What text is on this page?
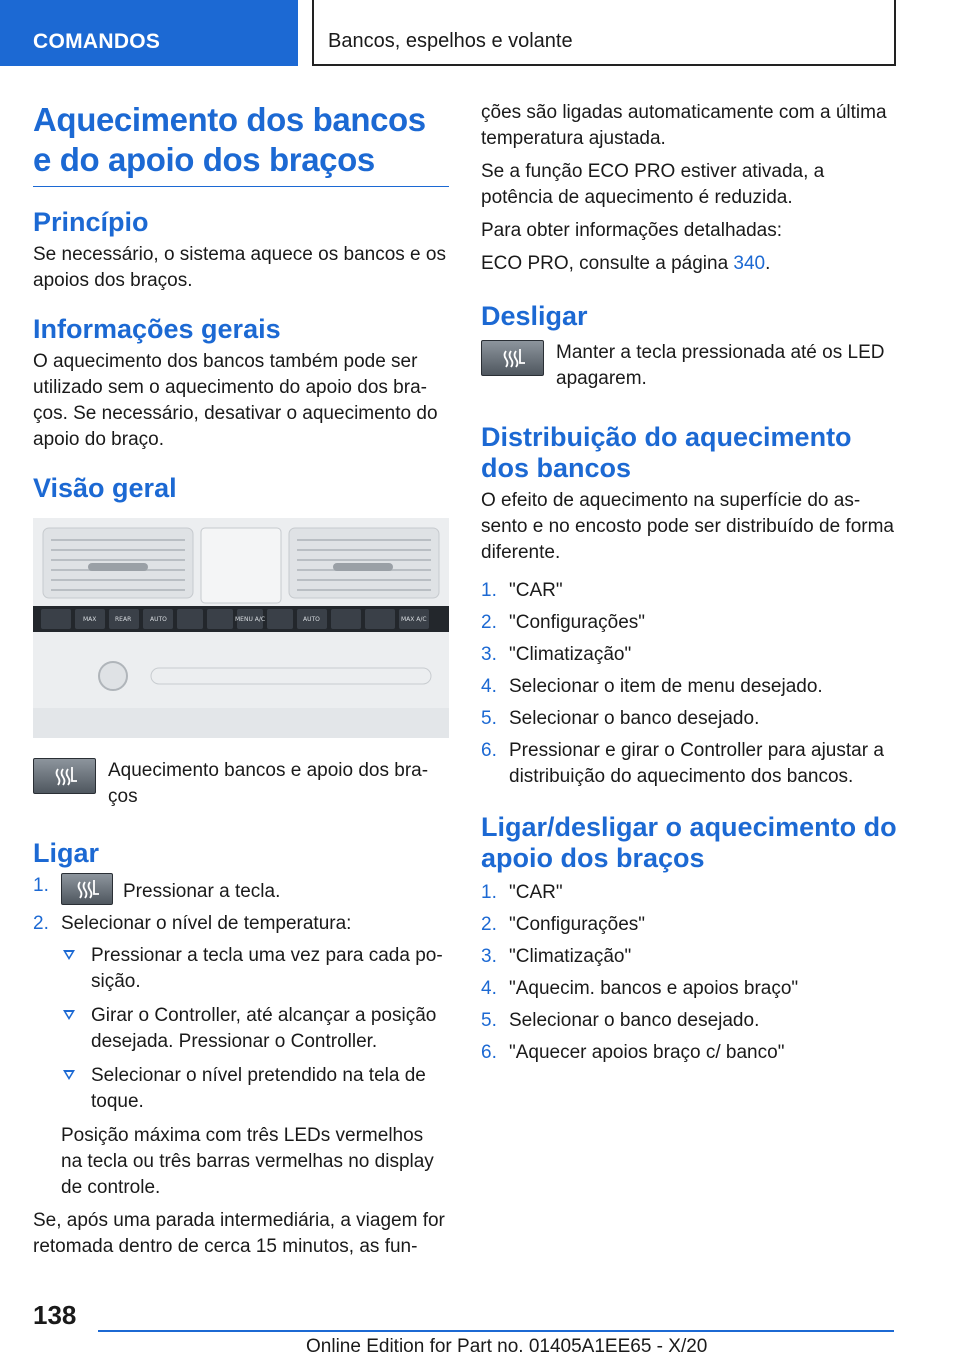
COMANDOS	Bancos, espelhos e volante
Aquecimento dos bancos e do apoio dos braços
Princípio

Se necessário, o sistema aquece os bancos e os apoios dos braços.

Informações gerais

O aquecimento dos bancos também pode ser utilizado sem o aquecimento do apoio dos bra-ços. Se necessário, desativar o aquecimento do apoio do braço.

Visão geral
MAX	REAR	AUTO	MENU A/C	AUTO	MAX A/C
Aquecimento bancos e apoio dos bra-ços
Ligar
1.	Pressionar a tecla.
2. Selecionar o nível de temperatura:
Pressionar a tecla uma vez para cada po-sição.
Girar o Controller, até alcançar a posição desejada. Pressionar o Controller.
Selecionar o nível pretendido na tela de toque.

Posição máxima com três LEDs vermelhos na tecla ou três barras vermelhas no display de controle.

Se, após uma parada intermediária, a viagem for retomada dentro de cerca 15 minutos, as fun-

ções são ligadas automaticamente com a última temperatura ajustada.

Se a função ECO PRO estiver ativada, a potência de aquecimento é reduzida.

Para obter informações detalhadas:

ECO PRO, consulte a página 340.

Desligar
Manter a tecla pressionada até os LED apagarem.
Distribuição do aquecimento dos bancos

O efeito de aquecimento na superfície do as-sento e no encosto pode ser distribuído de forma diferente.

1. "CAR"
2. "Configurações"
3. "Climatização"
4. Selecionar o item de menu desejado.
5. Selecionar o banco desejado.
6. Pressionar e girar o Controller para ajustar a distribuição do aquecimento dos bancos.
Ligar/desligar o aquecimento do apoio dos braços
1. "CAR"
2. "Configurações"
3. "Climatização"
4. "Aquecim. bancos e apoios braço"
5. Selecionar o banco desejado.
6. "Aquecer apoios braço c/ banco"
138
Online Edition for Part no. 01405A1EE65 - X/20
